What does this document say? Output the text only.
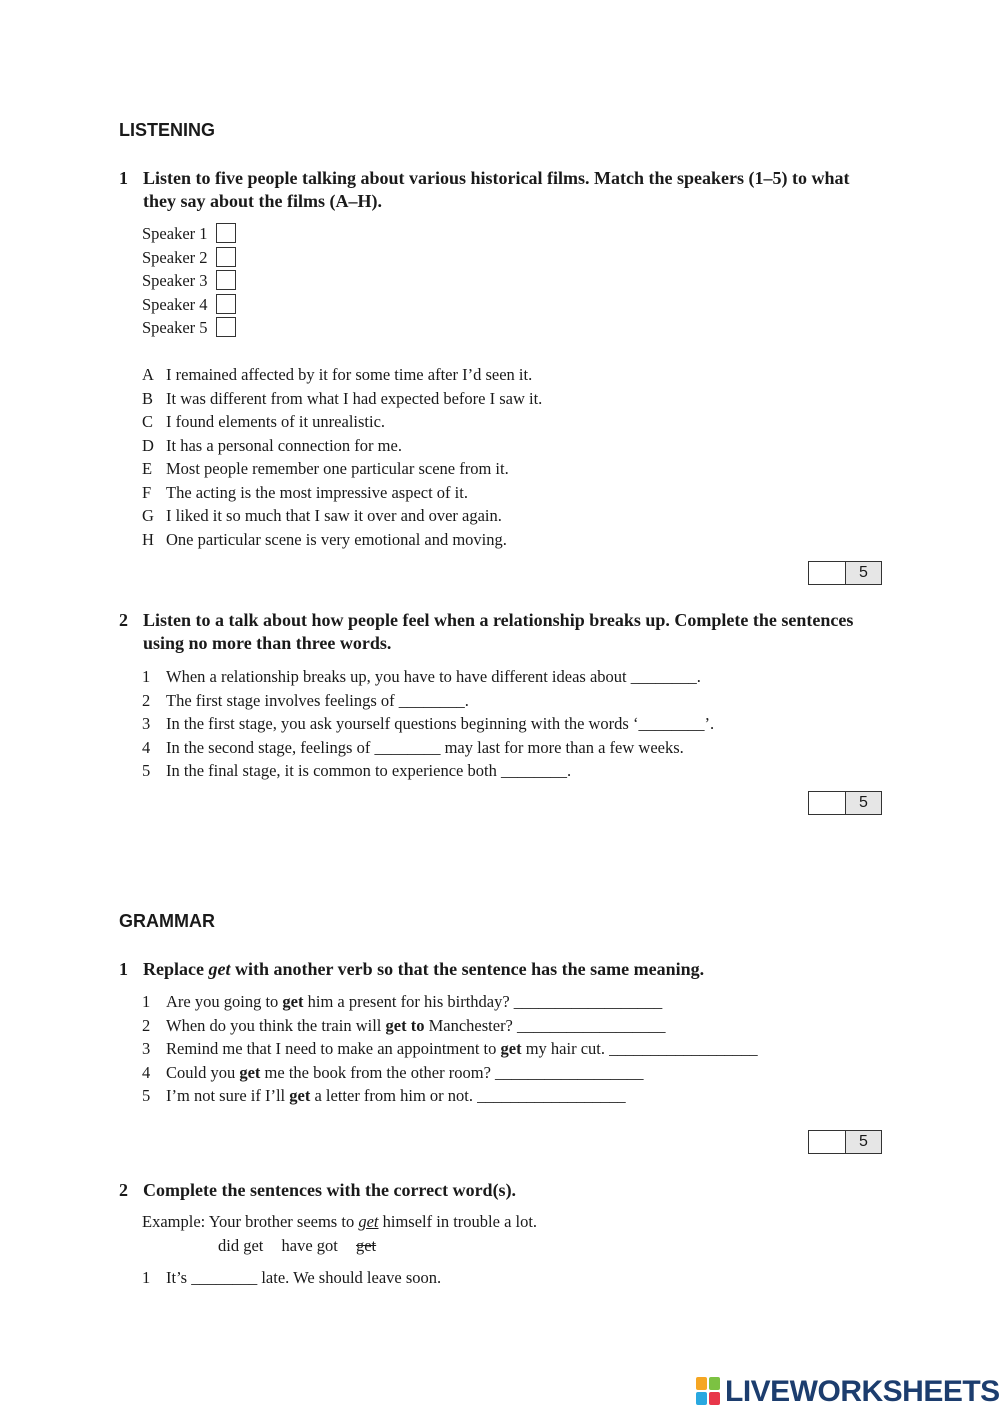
LISTENING
1 Listen to five people talking about various historical films. Match the speakers (1–5) to what they say about the films (A–H).
Speaker 1
Speaker 2
Speaker 3
Speaker 4
Speaker 5
A I remained affected by it for some time after I’d seen it.
B It was different from what I had expected before I saw it.
C I found elements of it unrealistic.
D It has a personal connection for me.
E Most people remember one particular scene from it.
F The acting is the most impressive aspect of it.
G I liked it so much that I saw it over and over again.
H One particular scene is very emotional and moving.
5
2 Listen to a talk about how people feel when a relationship breaks up. Complete the sentences using no more than three words.
1 When a relationship breaks up, you have to have different ideas about ________.
2 The first stage involves feelings of ________.
3 In the first stage, you ask yourself questions beginning with the words ‘________’.
4 In the second stage, feelings of ________ may last for more than a few weeks.
5 In the final stage, it is common to experience both ________.
5
GRAMMAR
1 Replace get with another verb so that the sentence has the same meaning.
1 Are you going to get him a present for his birthday? __________________
2 When do you think the train will get to Manchester? __________________
3 Remind me that I need to make an appointment to get my hair cut. __________________
4 Could you get me the book from the other room? __________________
5 I’m not sure if I’ll get a letter from him or not. __________________
5
2 Complete the sentences with the correct word(s).
Example: Your brother seems to get himself in trouble a lot.
did get have got get
1 It’s ________ late. We should leave soon.
LIVEWORKSHEETS
